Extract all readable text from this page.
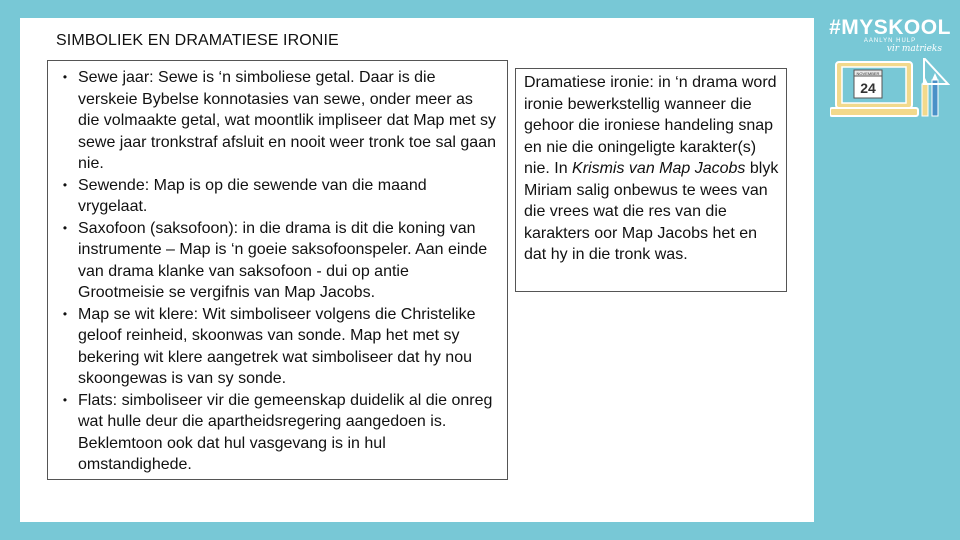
SIMBOLIEK EN DRAMATIESE IRONIE
• Sewe jaar: Sewe is ‘n simboliese getal. Daar is die verskeie Bybelse konnotasies van sewe, onder meer as die volmaakte getal, wat moontlik impliseer dat Map met sy sewe jaar tronkstraf afsluit en nooit weer tronk toe sal gaan nie.
• Sewende: Map is op die sewende van die maand vrygelaat.
• Saxofoon (saksofoon): in die drama is dit die koning van instrumente – Map is ‘n goeie saksofoonspeler. Aan einde van drama klanke van saksofoon - dui op antie Grootmeisie se vergifnis van Map Jacobs.
• Map se wit klere: Wit simboliseer volgens die Christelike geloof reinheid, skoonwas van sonde. Map het met sy bekering wit klere aangetrek wat simboliseer dat hy nou skoongewas is van sy sonde.
• Flats: simboliseer vir die gemeenskap duidelik al die onreg wat hulle deur die apartheidsregering aangedoen is. Beklemtoon ook dat hul vasgevang is in hul omstandighede.
Dramatiese ironie: in ‘n drama word ironie bewerkstellig wanneer die gehoor die ironiese handeling snap en nie die oningeligte karakter(s) nie. In Krismis van Map Jacobs blyk Miriam salig onbewus te wees van die vrees wat die res van die karakters oor Map Jacobs het en dat hy in die tronk was.
#MYSKOOL
AANLYN HULP
vir matrieks
NOVEMBER
24
